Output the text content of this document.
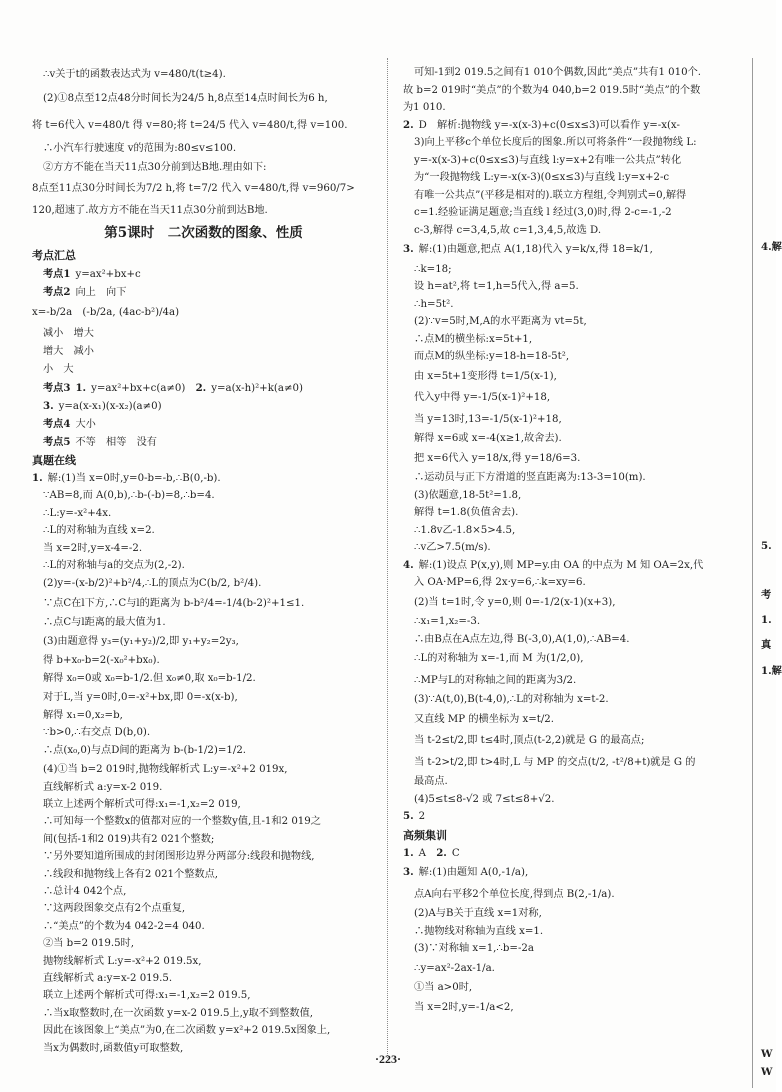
∴v关于t的函数表达式为 v=480/t(t≥4).
(2)①8点至12点48分时间长为24/5 h,8点至14点时间长为6 h,
将 t=6代入 v=480/t 得 v=80;将 t=24/5 代入 v=480/t,得 v=100.
∴小汽车行驶速度 v的范围为:80≤v≤100.
②方方不能在当天11点30分前到达B地.理由如下:
8点至11点30分时间长为7/2 h,将 t=7/2 代入 v=480/t,得 v=960/7>
120,超速了.故方方不能在当天11点30分前到达B地.
第5课时　二次函数的图象、性质
考点汇总
考点1 y=ax²+bx+c
考点2 向上　向下
x=-b/2a　(-b/2a, (4ac-b²)/4a)
减小　增大
增大　减小
小　大
考点3 1. y=ax²+bx+c(a≠0)　2. y=a(x-h)²+k(a≠0)
3. y=a(x-x₁)(x-x₂)(a≠0)
考点4 大小
考点5 不等　相等　没有
真题在线
1. 解:(1)当 x=0时,y=0-b=-b,∴B(0,-b).
∵AB=8,而 A(0,b),∴b-(-b)=8,∴b=4.
∴L:y=-x²+4x.
∴L的对称轴为直线 x=2.
当 x=2时,y=x-4=-2.
∴L的对称轴与a的交点为(2,-2).
(2)y=-(x-b/2)²+b²/4,∴L的顶点为C(b/2, b²/4).
∵点C在l下方,∴C与l的距离为 b-b²/4=-1/4(b-2)²+1≤1.
∴点C与l距离的最大值为1.
(3)由题意得 y₃=(y₁+y₂)/2,即 y₁+y₂=2y₃,
得 b+x₀-b=2(-x₀²+bx₀).
解得 x₀=0或 x₀=b-1/2.但 x₀≠0,取 x₀=b-1/2.
对于L,当 y=0时,0=-x²+bx,即 0=-x(x-b),
解得 x₁=0,x₂=b,
∵b>0,∴右交点 D(b,0).
∴点(x₀,0)与点D间的距离为 b-(b-1/2)=1/2.
(4)①当 b=2 019时,抛物线解析式 L:y=-x²+2 019x,
直线解析式 a:y=x-2 019.
联立上述两个解析式可得:x₁=-1,x₂=2 019,
∴可知每一个整数x的值都对应的一个整数y值,且-1和2 019之
间(包括-1和2 019)共有2 021个整数;
∵另外要知道所围成的封闭图形边界分两部分:线段和抛物线,
∴线段和抛物线上各有2 021个整数点,
∴总计4 042个点,
∵这两段图象交点有2个点重复,
∴“美点”的个数为4 042-2=4 040.
②当 b=2 019.5时,
抛物线解析式 L:y=-x²+2 019.5x,
直线解析式 a:y=x-2 019.5.
联立上述两个解析式可得:x₁=-1,x₂=2 019.5,
∴当x取整数时,在一次函数 y=x-2 019.5上,y取不到整数值,
因此在该图象上“美点”为0,在二次函数 y=x²+2 019.5x图象上,
当x为偶数时,函数值y可取整数,
可知-1到2 019.5之间有1 010个偶数,因此“美点”共有1 010个.
故 b=2 019时“美点”的个数为4 040,b=2 019.5时“美点”的个数
为1 010.
2. D　解析:抛物线 y=-x(x-3)+c(0≤x≤3)可以看作 y=-x(x-
3)向上平移c个单位长度后的图象.所以可将条件“一段抛物线 L:
y=-x(x-3)+c(0≤x≤3)与直线 l:y=x+2有唯一公共点”转化
为“一段抛物线 L:y=-x(x-3)(0≤x≤3)与直线 l:y=x+2-c
有唯一公共点”(平移是相对的).联立方程组,令判别式=0,解得
c=1.经验证满足题意;当直线 l 经过(3,0)时,得 2-c=-1,-2
c-3,解得 c=3,4,5,故 c=1,3,4,5,故选 D.
3. 解:(1)由题意,把点 A(1,18)代入 y=k/x,得 18=k/1,
∴k=18;
设 h=at²,将 t=1,h=5代入,得 a=5.
∴h=5t².
(2)∵v=5时,M,A的水平距离为 vt=5t,
∴点M的横坐标:x=5t+1,
而点M的纵坐标:y=18-h=18-5t²,
由 x=5t+1变形得 t=1/5(x-1),
代入y中得 y=-1/5(x-1)²+18,
当 y=13时,13=-1/5(x-1)²+18,
解得 x=6或 x=-4(x≥1,故舍去).
把 x=6代入 y=18/x,得 y=18/6=3.
∴运动员与正下方滑道的竖直距离为:13-3=10(m).
(3)依题意,18-5t²=1.8,
解得 t=1.8(负值舍去).
∴1.8v乙-1.8×5>4.5,
∴v乙>7.5(m/s).
4. 解:(1)设点 P(x,y),则 MP=y.由 OA 的中点为 M 知 OA=2x,代
入 OA·MP=6,得 2x·y=6,∴k=xy=6.
(2)当 t=1时,令 y=0,则 0=-1/2(x-1)(x+3),
∴x₁=1,x₂=-3.
∴由B点在A点左边,得 B(-3,0),A(1,0),∴AB=4.
∴L的对称轴为 x=-1,而 M 为(1/2,0),
∴MP与L的对称轴之间的距离为3/2.
(3)∵A(t,0),B(t-4,0),∴L的对称轴为 x=t-2.
又直线 MP 的横坐标为 x=t/2.
当 t-2≤t/2,即 t≤4时,顶点(t-2,2)就是 G 的最高点;
当 t-2>t/2,即 t>4时,L 与 MP 的交点(t/2, -t²/8+t)就是 G 的
最高点.
(4)5≤t≤8-√2 或 7≤t≤8+√2.
5. 2
高频集训
1. A　2. C
3. 解:(1)由题知 A(0,-1/a),
点A向右平移2个单位长度,得到点 B(2,-1/a).
(2)A与B关于直线 x=1对称,
∴抛物线对称轴为直线 x=1.
(3)∵对称轴 x=1,∴b=-2a
∴y=ax²-2ax-1/a.
①当 a>0时,
当 x=2时,y=-1/a<2,
4.解
5.
考
1.
真
1.解
W
W
·223·
